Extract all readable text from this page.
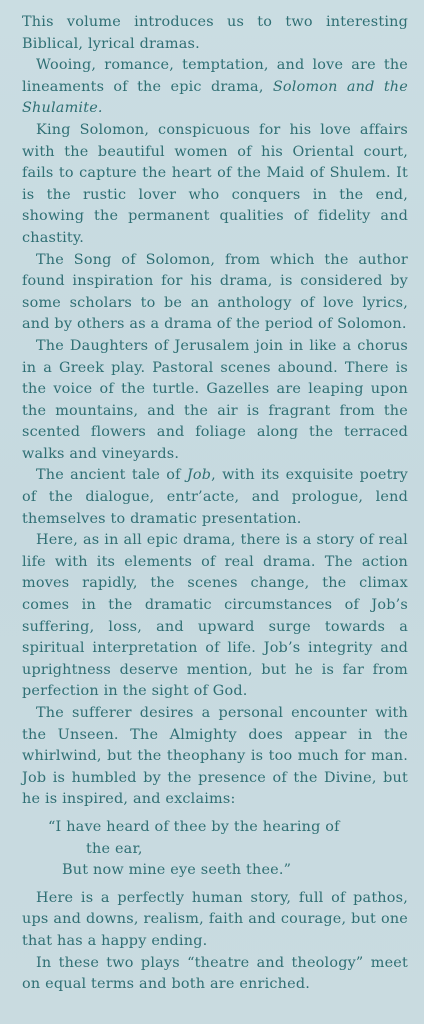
This volume introduces us to two interesting Biblical, lyrical dramas.

Wooing, romance, temptation, and love are the lineaments of the epic drama, Solomon and the Shulamite.

King Solomon, conspicuous for his love affairs with the beautiful women of his Oriental court, fails to capture the heart of the Maid of Shulem. It is the rustic lover who conquers in the end, showing the permanent qualities of fidelity and chastity.

The Song of Solomon, from which the author found inspiration for his drama, is considered by some scholars to be an anthology of love lyrics, and by others as a drama of the period of Solomon.

The Daughters of Jerusalem join in like a chorus in a Greek play. Pastoral scenes abound. There is the voice of the turtle. Gazelles are leaping upon the mountains, and the air is fragrant from the scented flowers and foliage along the terraced walks and vineyards.

The ancient tale of Job, with its exquisite poetry of the dialogue, entr’acte, and prologue, lend themselves to dramatic presentation.

Here, as in all epic drama, there is a story of real life with its elements of real drama. The action moves rapidly, the scenes change, the climax comes in the dramatic circumstances of Job’s suffering, loss, and upward surge towards a spiritual interpretation of life. Job’s integrity and uprightness deserve mention, but he is far from perfection in the sight of God.

The sufferer desires a personal encounter with the Unseen. The Almighty does appear in the whirlwind, but the theophany is too much for man. Job is humbled by the presence of the Divine, but he is inspired, and exclaims:

“I have heard of thee by the hearing of
the ear,
But now mine eye seeth thee.”

Here is a perfectly human story, full of pathos, ups and downs, realism, faith and courage, but one that has a happy ending.

In these two plays “theatre and theology” meet on equal terms and both are enriched.
